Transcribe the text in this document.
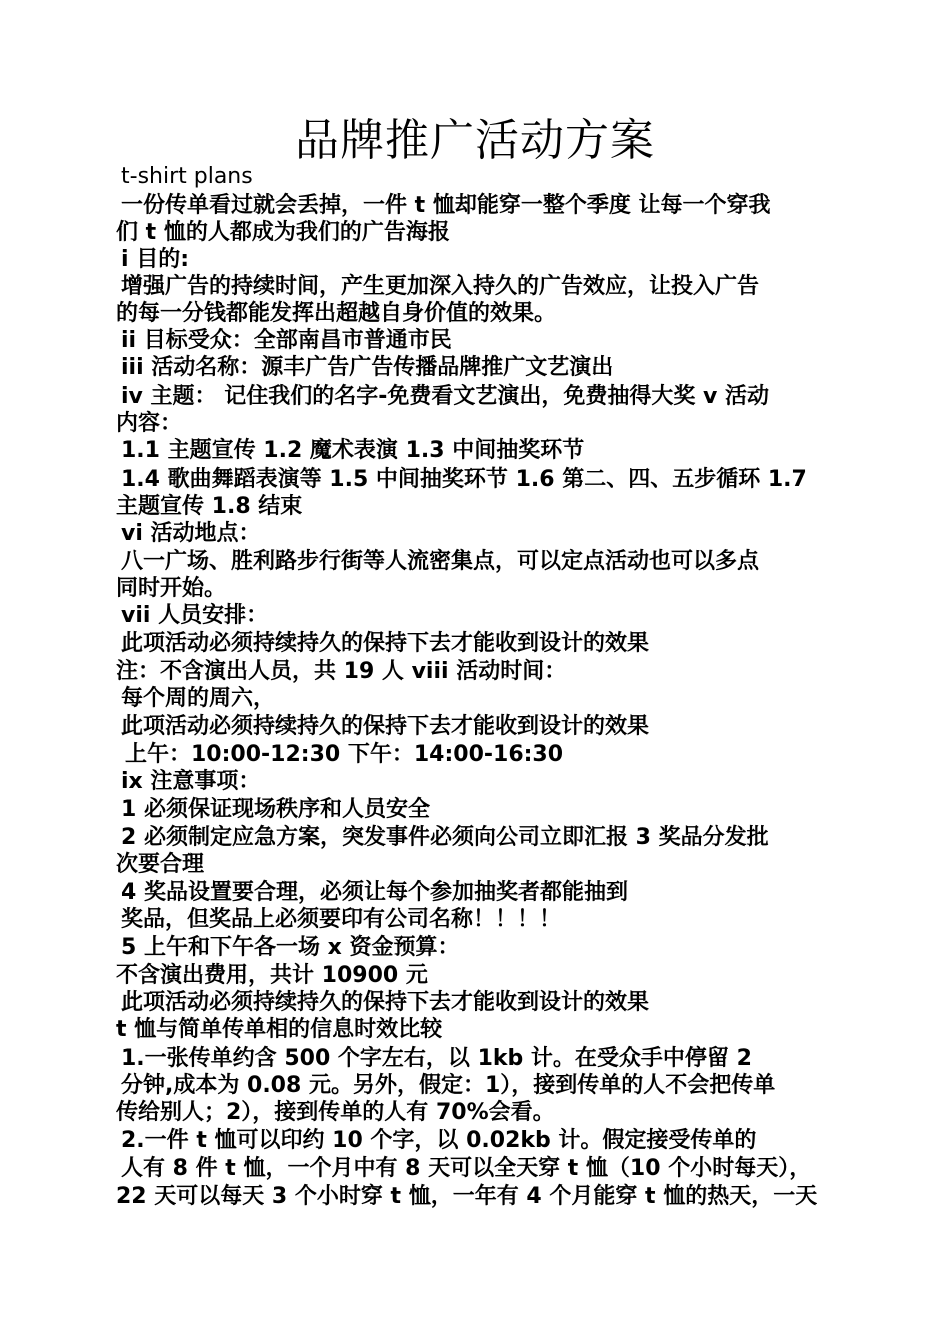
品牌推广活动方案
t-shirt plans
一份传单看过就会丢掉，一件 t 恤却能穿一整个季度 让每一个穿我
们 t 恤的人都成为我们的广告海报
i 目的:
增强广告的持续时间，产生更加深入持久的广告效应，让投入广告
的每一分钱都能发挥出超越自身价值的效果。
ii 目标受众：全部南昌市普通市民
iii 活动名称：源丰广告广告传播品牌推广文艺演出
iv 主题： 记住我们的名字-免费看文艺演出，免费抽得大奖 v 活动
内容：
1.1 主题宣传 1.2 魔术表演 1.3 中间抽奖环节
1.4 歌曲舞蹈表演等 1.5 中间抽奖环节 1.6 第二、四、五步循环 1.7
主题宣传 1.8 结束
vi 活动地点：
八一广场、胜利路步行街等人流密集点，可以定点活动也可以多点
同时开始。
vii 人员安排：
此项活动必须持续持久的保持下去才能收到设计的效果
注：不含演出人员，共 19 人 viii 活动时间：
每个周的周六，
此项活动必须持续持久的保持下去才能收到设计的效果
上午：10:00-12:30 下午：14:00-16:30
ix 注意事项：
1 必须保证现场秩序和人员安全
2 必须制定应急方案，突发事件必须向公司立即汇报 3 奖品分发批
次要合理
4 奖品设置要合理，必须让每个参加抽奖者都能抽到
奖品，但奖品上必须要印有公司名称！！！！
5 上午和下午各一场 x 资金预算：
不含演出费用，共计 10900 元
此项活动必须持续持久的保持下去才能收到设计的效果
t 恤与简单传单相的信息时效比较
1.一张传单约含 500 个字左右，以 1kb 计。在受众手中停留 2
分钟,成本为 0.08 元。另外，假定：1），接到传单的人不会把传单
传给别人；2），接到传单的人有 70%会看。
2.一件 t 恤可以印约 10 个字，以 0.02kb 计。假定接受传单的
人有 8 件 t 恤，一个月中有 8 天可以全天穿 t 恤（10 个小时每天），
22 天可以每天 3 个小时穿 t 恤，一年有 4 个月能穿 t 恤的热天，一天
